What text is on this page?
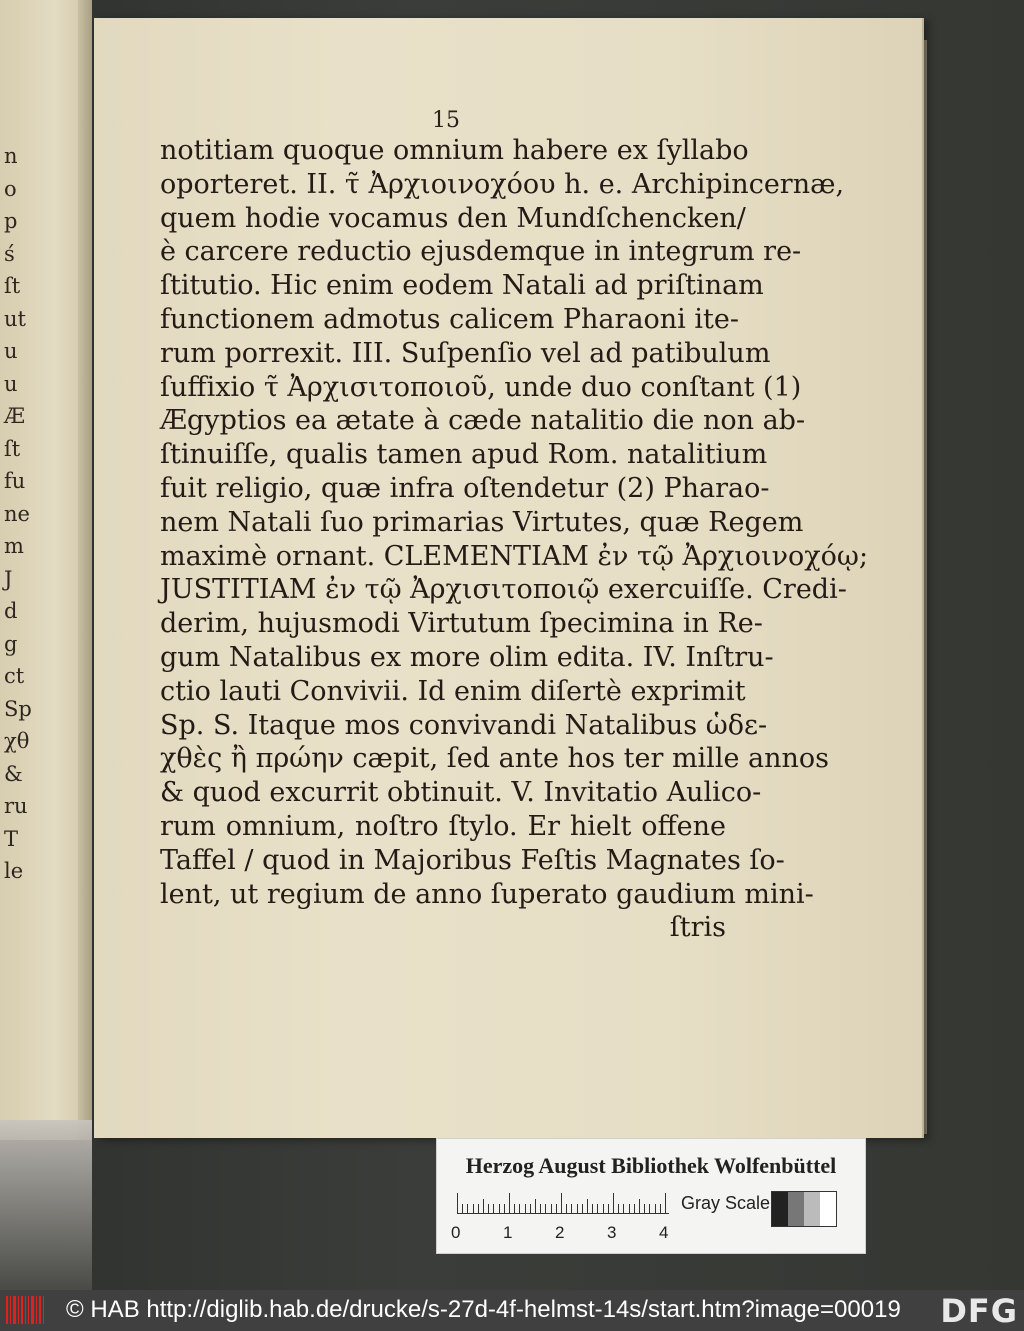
n
o
p
ś
ſt
ut
u
u
Æ
ſt
fu
ne
m
J
d
g
ct
Sp
χθ
&
ru
T
le
15
notitiam quoque omnium habere ex ſyllabo
oporteret. II. τ̃ Ἀρχιοινοχόου h. e. Archipincernæ,
quem hodie vocamus den Mundſchencken/
è carcere reductio ejusdemque in integrum re-
ſtitutio. Hic enim eodem Natali ad priſtinam
functionem admotus calicem Pharaoni ite-
rum porrexit. III. Suſpenſio vel ad patibulum
ſuffixio τ̃ Ἀρχισιτοποιοῦ, unde duo conſtant (1)
Ægyptios ea ætate à cæde natalitio die non ab-
ſtinuiſſe, qualis tamen apud Rom. natalitium
fuit religio, quæ infra oſtendetur (2) Pharao-
nem Natali ſuo primarias Virtutes, quæ Regem
maximè ornant. CLEMENTIAM ἐν τῷ Ἀρχιοινοχόῳ;
JUSTITIAM ἐν τῷ Ἀρχισιτοποιῷ exercuiſſe. Credi-
derim, hujusmodi Virtutum ſpecimina in Re-
gum Natalibus ex more olim edita. IV. Inſtru-
ctio lauti Convivii. Id enim diſertè exprimit
Sp. S. Itaque mos convivandi Natalibus ὡδε-
χθὲς ἢ πρώην cæpit, ſed ante hos ter mille annos
& quod excurrit obtinuit. V. Invitatio Aulico-
rum omnium, noſtro ſtylo. Er hielt offene
Taffel / quod in Majoribus Feſtis Magnates ſo-
lent, ut regium de anno ſuperato gaudium mini-
ſtris
Herzog August Bibliothek Wolfenbüttel
0	1	2	3	4
Gray Scale
© HAB http://diglib.hab.de/drucke/s-27d-4f-helmst-14s/start.htm?image=00019 DFG
